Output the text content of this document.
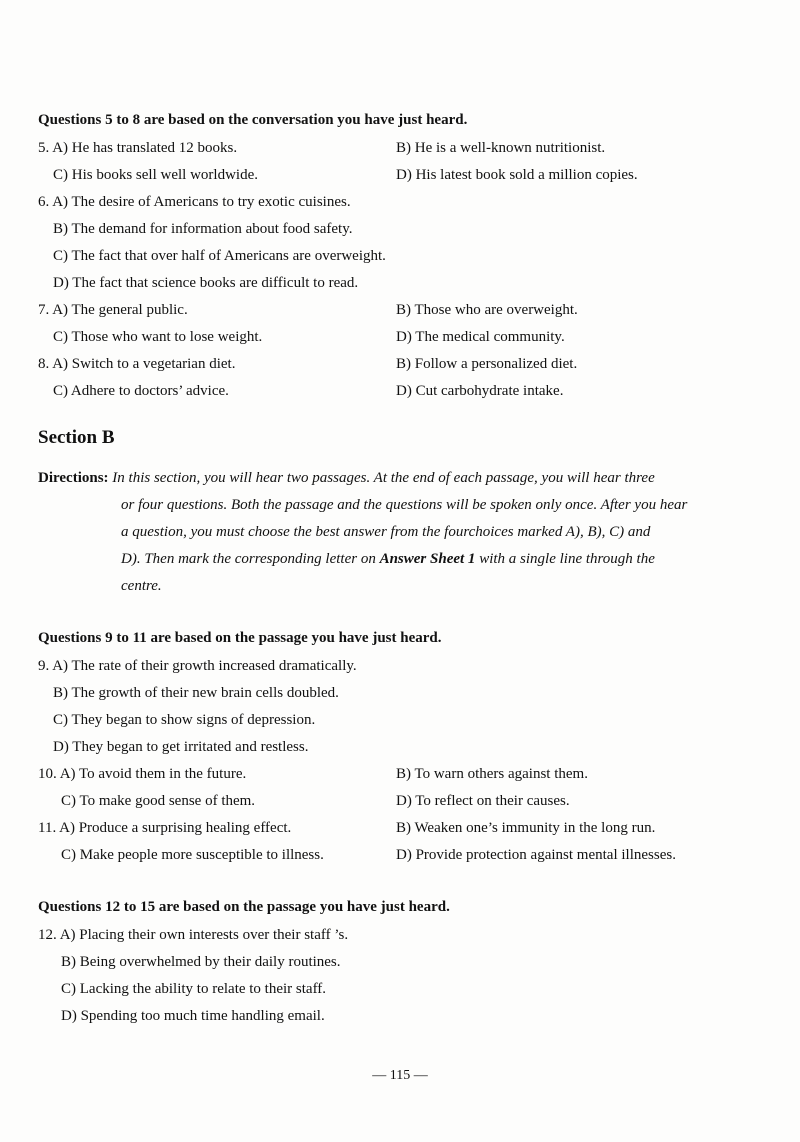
Questions 5 to 8 are based on the conversation you have just heard.
5. A) He has translated 12 books.	B) He is a well-known nutritionist.
C) His books sell well worldwide.	D) His latest book sold a million copies.
6. A) The desire of Americans to try exotic cuisines.
B) The demand for information about food safety.
C) The fact that over half of Americans are overweight.
D) The fact that science books are difficult to read.
7. A) The general public.	B) Those who are overweight.
C) Those who want to lose weight.	D) The medical community.
8. A) Switch to a vegetarian diet.	B) Follow a personalized diet.
C) Adhere to doctors’ advice.	D) Cut carbohydrate intake.
Section B
Directions: In this section, you will hear two passages. At the end of each passage, you will hear three
or four questions. Both the passage and the questions will be spoken only once. After you hear
a question, you must choose the best answer from the fourchoices marked A), B), C) and
D). Then mark the corresponding letter on Answer Sheet 1 with a single line through the
centre.
Questions 9 to 11 are based on the passage you have just heard.
9. A) The rate of their growth increased dramatically.
B) The growth of their new brain cells doubled.
C) They began to show signs of depression.
D) They began to get irritated and restless.
10. A) To avoid them in the future.	B) To warn others against them.
C) To make good sense of them.	D) To reflect on their causes.
11. A) Produce a surprising healing effect.	B) Weaken one’s immunity in the long run.
C) Make people more susceptible to illness.	D) Provide protection against mental illnesses.
Questions 12 to 15 are based on the passage you have just heard.
12. A) Placing their own interests over their staff ’s.
B) Being overwhelmed by their daily routines.
C) Lacking the ability to relate to their staff.
D) Spending too much time handling email.
— 115 —
